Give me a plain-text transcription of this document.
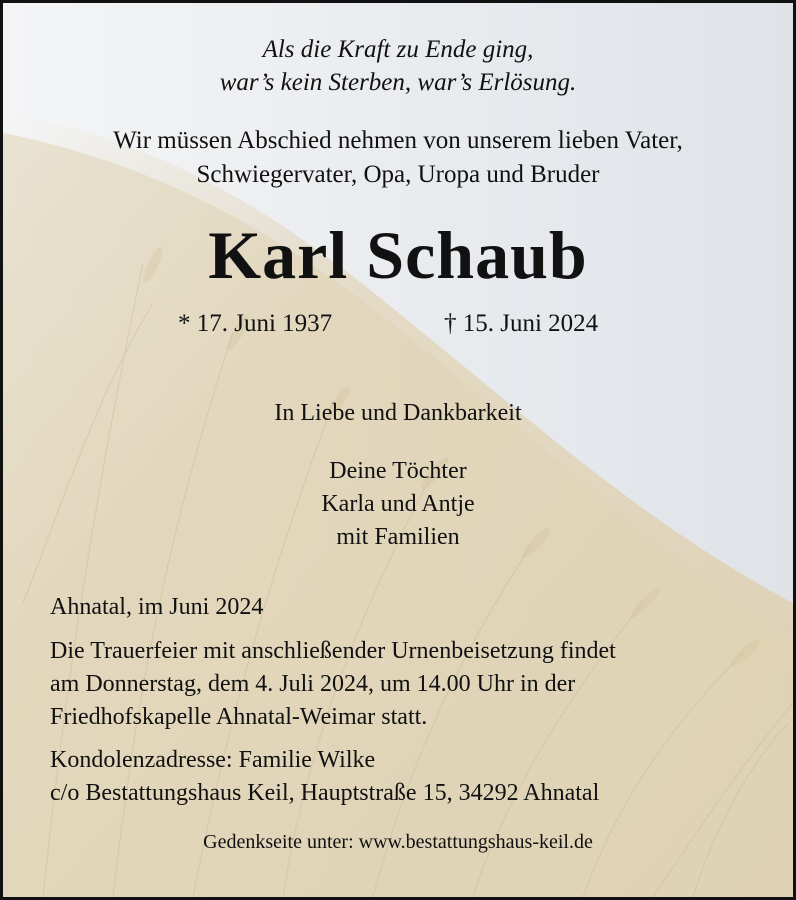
Als die Kraft zu Ende ging,

war’s kein Sterben, war’s Erlösung.

Wir müssen Abschied nehmen von unserem lieben Vater,

Schwiegervater, Opa, Uropa und Bruder

Karl Schaub
* 17. Juni 1937	† 15. Juni 2024

In Liebe und Dankbarkeit

Deine Töchter

Karla und Antje

mit Familien

Ahnatal, im Juni 2024

Die Trauerfeier mit anschließender Urnenbeisetzung findet

am Donnerstag, dem 4. Juli 2024, um 14.00 Uhr in der

Friedhofskapelle Ahnatal-Weimar statt.

Kondolenzadresse: Familie Wilke

c/o Bestattungshaus Keil, Hauptstraße 15, 34292 Ahnatal

Gedenkseite unter: www.bestattungshaus-keil.de
